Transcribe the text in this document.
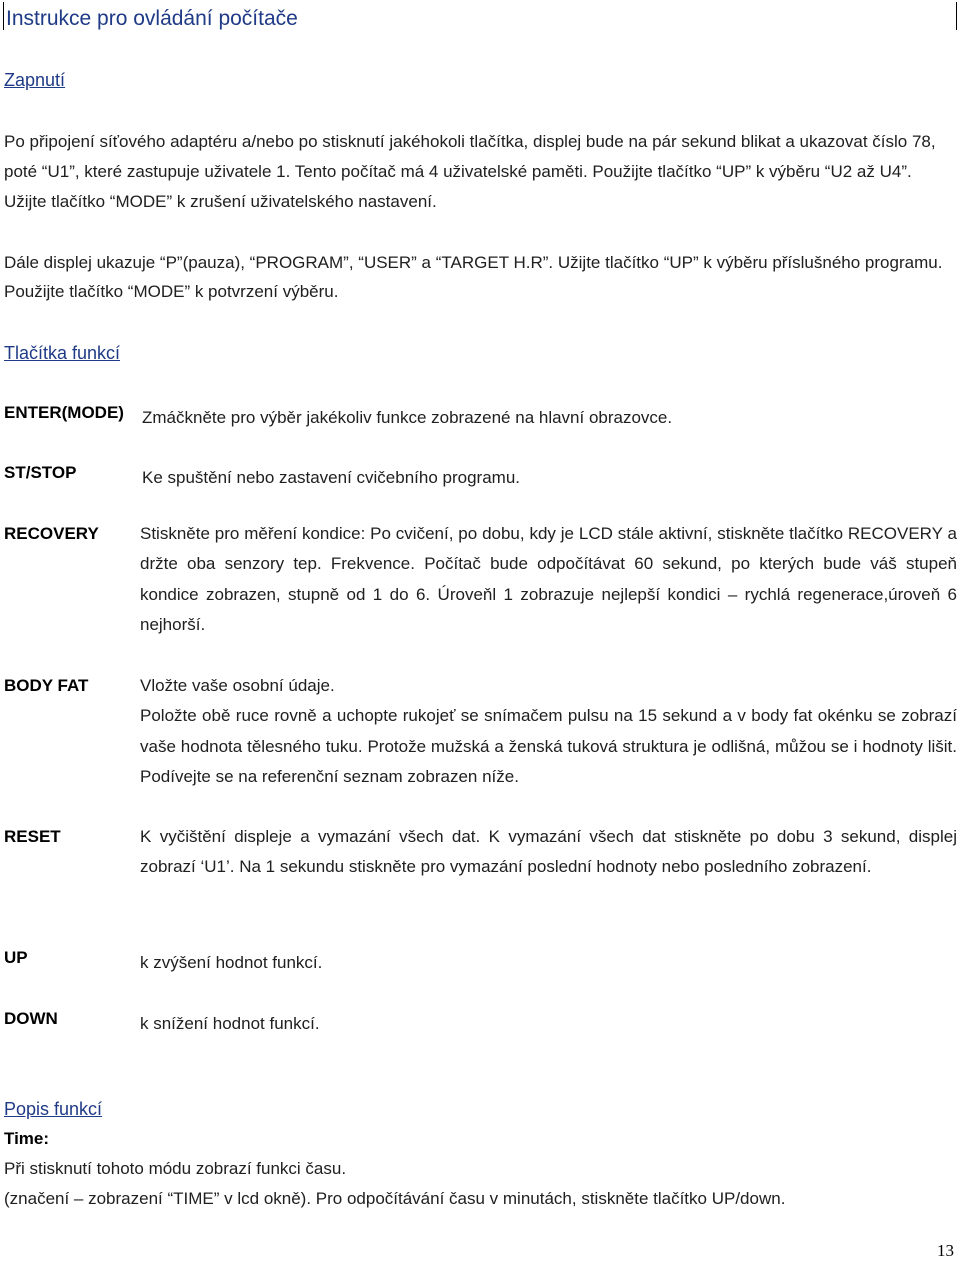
Instrukce pro ovládání počítače
Zapnutí
Po připojení síťového adaptéru a/nebo po stisknutí jakéhokoli tlačítka, displej bude na pár sekund blikat a ukazovat číslo 78, poté “U1”, které zastupuje uživatele 1. Tento počítač má 4 uživatelské paměti. Použijte tlačítko “UP” k výběru “U2 až U4”. Užijte tlačítko “MODE” k zrušení uživatelského nastavení.
Dále displej ukazuje “P”(pauza), “PROGRAM”, “USER” a “TARGET H.R”. Užijte tlačítko “UP” k výběru příslušného programu. Použijte tlačítko “MODE” k potvrzení výběru.
Tlačítka funkcí
ENTER(MODE) Zmáčkněte pro výběr jakékoliv funkce zobrazené na hlavní obrazovce.
ST/STOP	Ke spuštění nebo zastavení cvičebního programu.
RECOVERY Stiskněte pro měření kondice: Po cvičení, po dobu, kdy je LCD stále aktivní, stiskněte tlačítko RECOVERY a držte oba senzory tep. Frekvence. Počítač bude odpočítávat 60 sekund, po kterých bude váš stupeň kondice zobrazen, stupně od 1 do 6. Úroveňl 1 zobrazuje nejlepší kondici – rychlá regenerace,úroveň 6 nejhorší.
BODY FAT	Vložte vaše osobní údaje.
Položte obě ruce rovně a uchopte rukojeť se snímačem pulsu na 15 sekund a v body fat okénku se zobrazí vaše hodnota tělesného tuku. Protože mužská a ženská tuková struktura je odlišná, můžou se i hodnoty lišit. Podívejte se na referenční seznam zobrazen níže.
RESET	K vyčištění displeje a vymazání všech dat. K vymazání všech dat stiskněte po dobu 3 sekund, displej zobrazí ‘U1’. Na 1 sekundu stiskněte pro vymazání poslední hodnoty nebo posledního zobrazení.
UP	k zvýšení hodnot funkcí.
DOWN	k snížení hodnot funkcí.
Popis funkcí
Time:
Při stisknutí tohoto módu zobrazí funkci času.
(značení – zobrazení “TIME” v lcd okně). Pro odpočítávání času v minutách, stiskněte tlačítko UP/down.
13
